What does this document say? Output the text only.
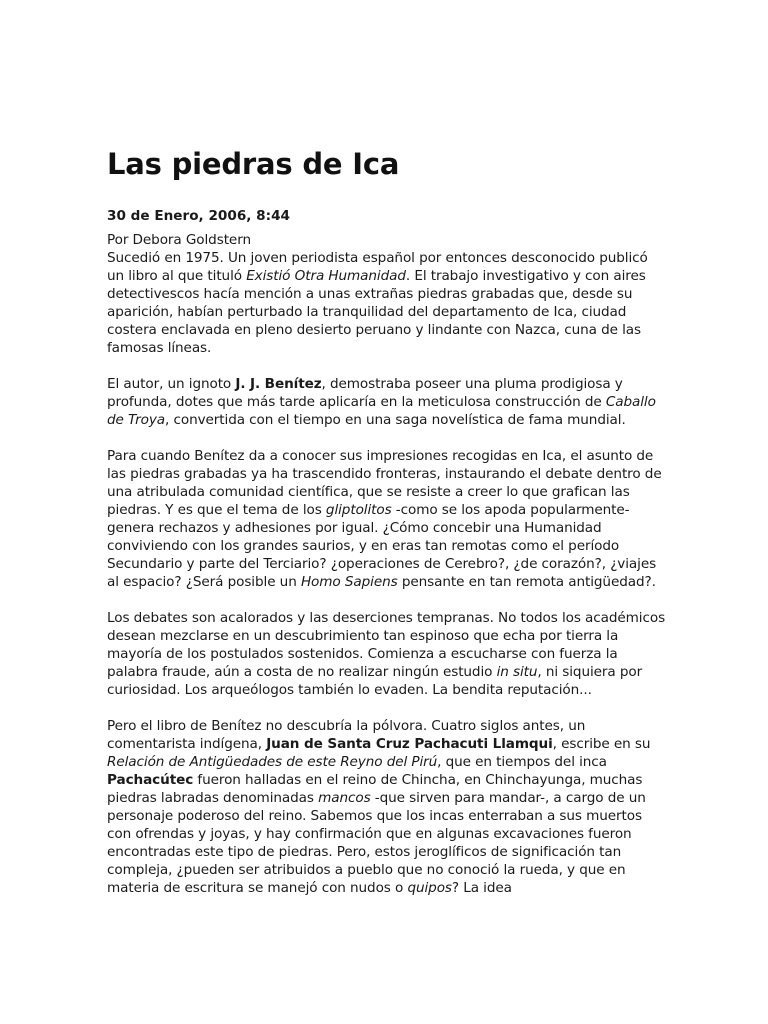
Las piedras de Ica
30 de Enero, 2006, 8:44
Por Debora Goldstern

Sucedió en 1975. Un joven periodista español por entonces desconocido publicó un libro al que tituló Existió Otra Humanidad. El trabajo investigativo y con aires detectivescos hacía mención a unas extrañas piedras grabadas que, desde su aparición, habían perturbado la tranquilidad del departamento de Ica, ciudad costera enclavada en pleno desierto peruano y lindante con Nazca, cuna de las famosas líneas.

El autor, un ignoto J. J. Benítez, demostraba poseer una pluma prodigiosa y profunda, dotes que más tarde aplicaría en la meticulosa construcción de Caballo de Troya, convertida con el tiempo en una saga novelística de fama mundial.

Para cuando Benítez da a conocer sus impresiones recogidas en Ica, el asunto de las piedras grabadas ya ha trascendido fronteras, instaurando el debate dentro de una atribulada comunidad científica, que se resiste a creer lo que grafican las piedras. Y es que el tema de los gliptolitos -como se los apoda popularmente- genera rechazos y adhesiones por igual. ¿Cómo concebir una Humanidad conviviendo con los grandes saurios, y en eras tan remotas como el período Secundario y parte del Terciario? ¿operaciones de Cerebro?, ¿de corazón?, ¿viajes al espacio? ¿Será posible un Homo Sapiens pensante en tan remota antigüedad?.

Los debates son acalorados y las deserciones tempranas. No todos los académicos desean mezclarse en un descubrimiento tan espinoso que echa por tierra la mayoría de los postulados sostenidos. Comienza a escucharse con fuerza la palabra fraude, aún a costa de no realizar ningún estudio in situ, ni siquiera por curiosidad. Los arqueólogos también lo evaden. La bendita reputación...

Pero el libro de Benítez no descubría la pólvora. Cuatro siglos antes, un comentarista indígena, Juan de Santa Cruz Pachacuti Llamqui, escribe en su Relación de Antigüedades de este Reyno del Pirú, que en tiempos del inca Pachacútec fueron halladas en el reino de Chincha, en Chinchayunga, muchas piedras labradas denominadas mancos -que sirven para mandar-, a cargo de un personaje poderoso del reino. Sabemos que los incas enterraban a sus muertos con ofrendas y joyas, y hay confirmación que en algunas excavaciones fueron encontradas este tipo de piedras. Pero, estos jeroglíficos de significación tan compleja, ¿pueden ser atribuidos a pueblo que no conoció la rueda, y que en materia de escritura se manejó con nudos o quipos? La idea
